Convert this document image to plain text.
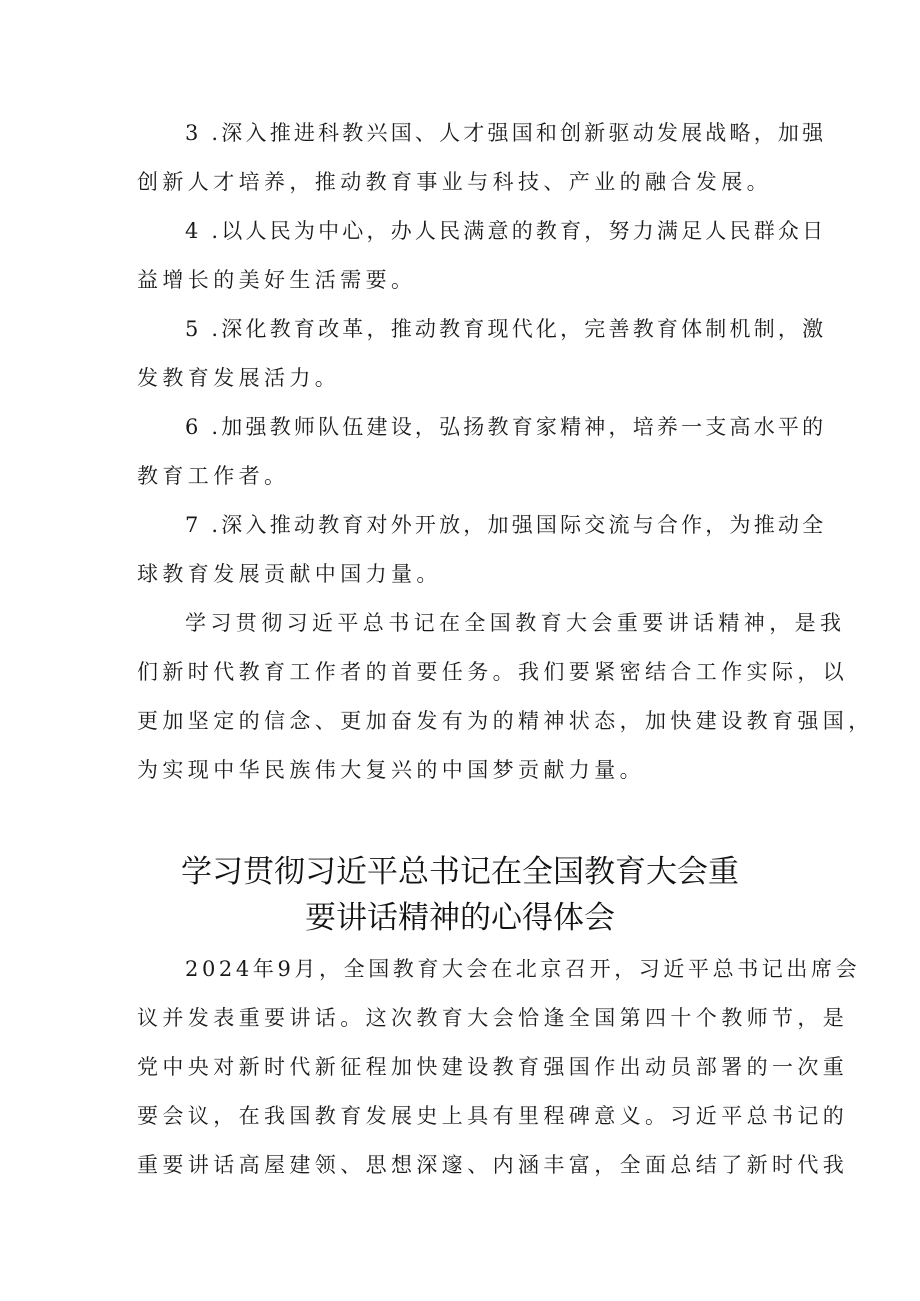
3 .深入推进科教兴国、人才强国和创新驱动发展战略，加强
创新人才培养，推动教育事业与科技、产业的融合发展。
4 .以人民为中心，办人民满意的教育，努力满足人民群众日
益增长的美好生活需要。
5 .深化教育改革，推动教育现代化，完善教育体制机制，激
发教育发展活力。
6 .加强教师队伍建设，弘扬教育家精神，培养一支高水平的
教育工作者。
7 .深入推动教育对外开放，加强国际交流与合作，为推动全
球教育发展贡献中国力量。
学习贯彻习近平总书记在全国教育大会重要讲话精神，是我
们新时代教育工作者的首要任务。我们要紧密结合工作实际，以
更加坚定的信念、更加奋发有为的精神状态，加快建设教育强国，
为实现中华民族伟大复兴的中国梦贡献力量。
学习贯彻习近平总书记在全国教育大会重
要讲话精神的心得体会
2024年9月，全国教育大会在北京召开，习近平总书记出席会
议并发表重要讲话。这次教育大会恰逢全国第四十个教师节，是
党中央对新时代新征程加快建设教育强国作出动员部署的一次重
要会议，在我国教育发展史上具有里程碑意义。习近平总书记的
重要讲话高屋建领、思想深邃、内涵丰富，全面总结了新时代我
